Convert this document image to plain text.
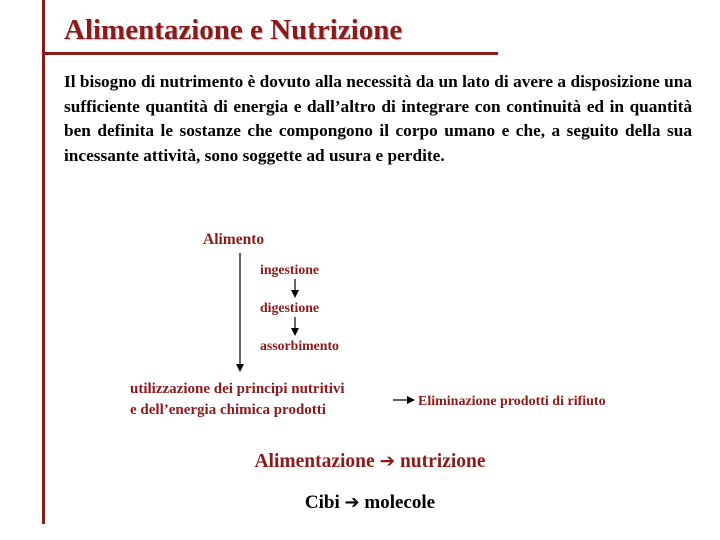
Alimentazione e Nutrizione
Il bisogno di nutrimento è dovuto alla necessità da un lato di avere a disposizione una sufficiente quantità di energia e dall’altro di integrare con continuità ed in quantità ben definita le sostanze che compongono il corpo umano e che, a seguito della sua incessante attività, sono soggette ad usura e perdite.
Alimento
ingestione
digestione
assorbimento
utilizzazione dei principi nutritivi
e dell’energia chimica prodotti
Eliminazione prodotti di rifiuto
Alimentazione ➔ nutrizione
Cibi ➔ molecole
